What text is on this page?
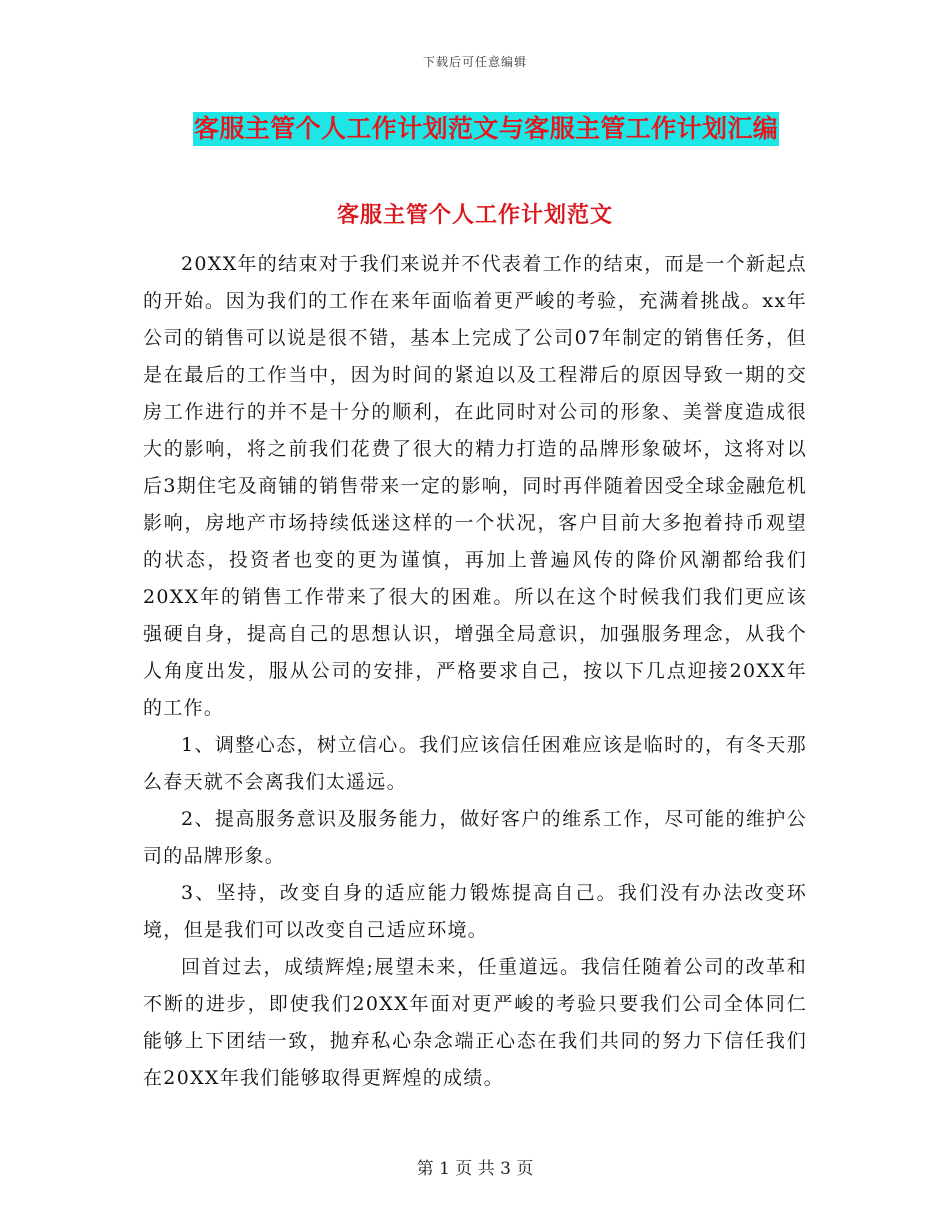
下载后可任意编辑
客服主管个人工作计划范文与客服主管工作计划汇编
客服主管个人工作计划范文

20XX年的结束对于我们来说并不代表着工作的结束，而是一个新起点的开始。因为我们的工作在来年面临着更严峻的考验，充满着挑战。xx年公司的销售可以说是很不错，基本上完成了公司07年制定的销售任务，但是在最后的工作当中，因为时间的紧迫以及工程滞后的原因导致一期的交房工作进行的并不是十分的顺利，在此同时对公司的形象、美誉度造成很大的影响，将之前我们花费了很大的精力打造的品牌形象破坏，这将对以后3期住宅及商铺的销售带来一定的影响，同时再伴随着因受全球金融危机影响，房地产市场持续低迷这样的一个状况，客户目前大多抱着持币观望的状态，投资者也变的更为谨慎，再加上普遍风传的降价风潮都给我们20XX年的销售工作带来了很大的困难。所以在这个时候我们我们更应该强硬自身，提高自己的思想认识，增强全局意识，加强服务理念，从我个人角度出发，服从公司的安排，严格要求自己，按以下几点迎接20XX年的工作。

1、调整心态，树立信心。我们应该信任困难应该是临时的，有冬天那么春天就不会离我们太遥远。

2、提高服务意识及服务能力，做好客户的维系工作，尽可能的维护公司的品牌形象。

3、坚持，改变自身的适应能力锻炼提高自己。我们没有办法改变环境，但是我们可以改变自己适应环境。

回首过去，成绩辉煌;展望未来，任重道远。我信任随着公司的改革和不断的进步，即使我们20XX年面对更严峻的考验只要我们公司全体同仁能够上下团结一致，抛弃私心杂念端正心态在我们共同的努力下信任我们在20XX年我们能够取得更辉煌的成绩。

第 1 页 共 3 页
